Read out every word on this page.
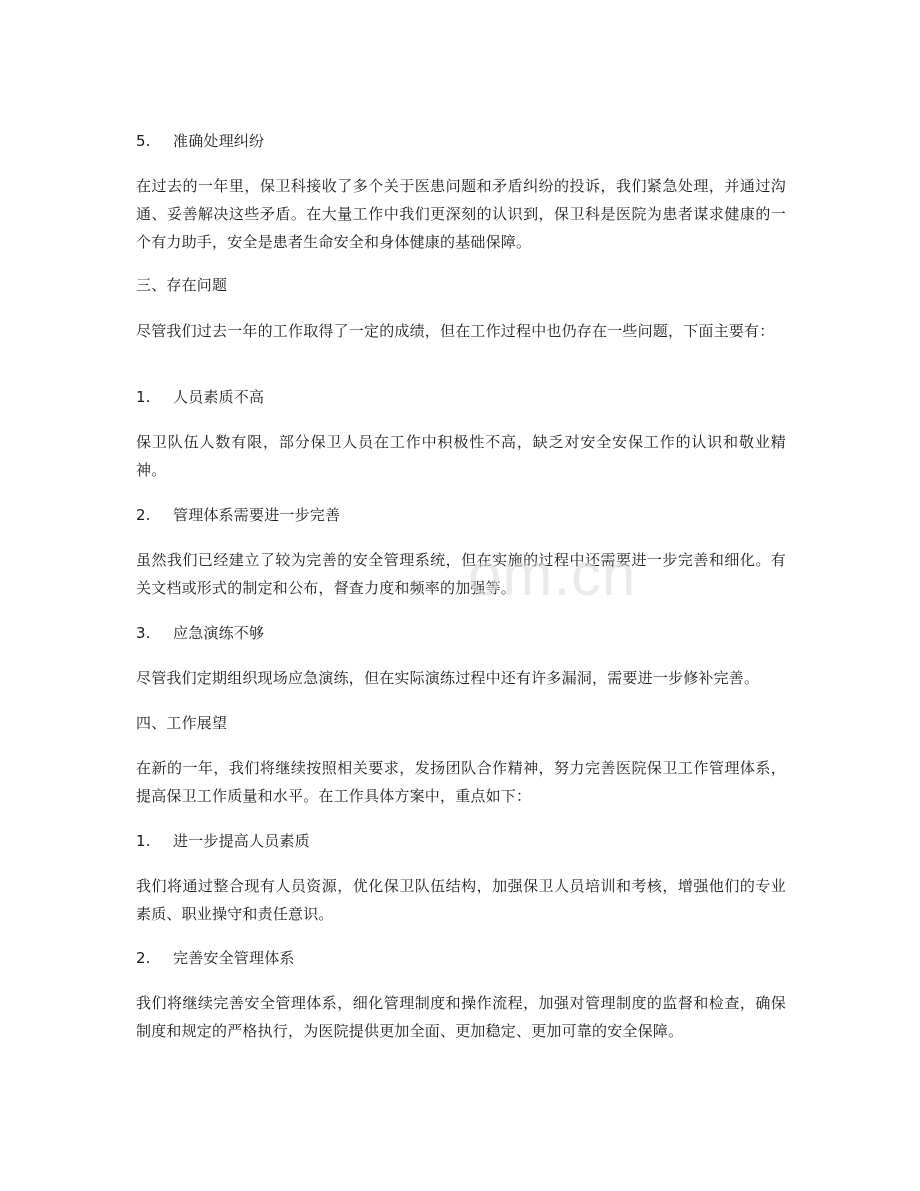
5. 准确处理纠纷

在过去的一年里，保卫科接收了多个关于医患问题和矛盾纠纷的投诉，我们紧急处理，并通过沟通、妥善解决这些矛盾。在大量工作中我们更深刻的认识到，保卫科是医院为患者谋求健康的一个有力助手，安全是患者生命安全和身体健康的基础保障。

三、存在问题

尽管我们过去一年的工作取得了一定的成绩，但在工作过程中也仍存在一些问题，下面主要有：

1. 人员素质不高

保卫队伍人数有限，部分保卫人员在工作中积极性不高，缺乏对安全安保工作的认识和敬业精神。

2. 管理体系需要进一步完善

虽然我们已经建立了较为完善的安全管理系统，但在实施的过程中还需要进一步完善和细化。有关文档或形式的制定和公布，督查力度和频率的加强等。

3. 应急演练不够

尽管我们定期组织现场应急演练，但在实际演练过程中还有许多漏洞，需要进一步修补完善。

四、工作展望

在新的一年，我们将继续按照相关要求，发扬团队合作精神，努力完善医院保卫工作管理体系，提高保卫工作质量和水平。在工作具体方案中，重点如下：

1. 进一步提高人员素质

我们将通过整合现有人员资源，优化保卫队伍结构，加强保卫人员培训和考核，增强他们的专业素质、职业操守和责任意识。

2. 完善安全管理体系

我们将继续完善安全管理体系，细化管理制度和操作流程，加强对管理制度的监督和检查，确保制度和规定的严格执行，为医院提供更加全面、更加稳定、更加可靠的安全保障。

om.cn
